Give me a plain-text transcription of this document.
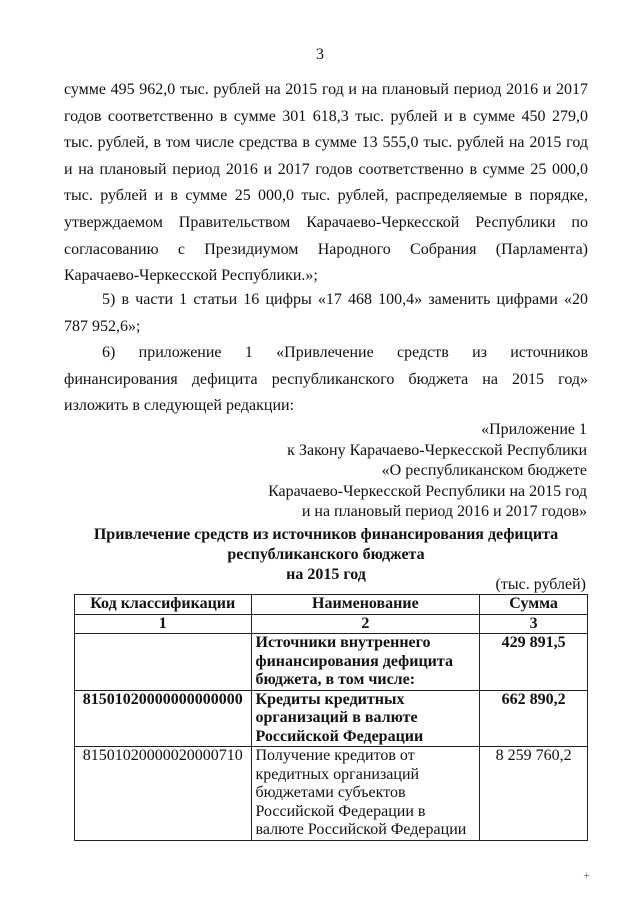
3

сумме 495 962,0 тыс. рублей на 2015 год и на плановый период 2016 и 2017 годов соответственно в сумме 301 618,3 тыс. рублей и в сумме 450 279,0 тыс. рублей, в том числе средства в сумме 13 555,0 тыс. рублей на 2015 год и на плановый период 2016 и 2017 годов соответственно в сумме 25 000,0 тыс. рублей и в сумме 25 000,0 тыс. рублей, распределяемые в порядке, утверждаемом Правительством Карачаево-Черкесской Республики по согласованию с Президиумом Народного Собрания (Парламента) Карачаево-Черкесской Республики.»;

5) в части 1 статьи 16 цифры «17 468 100,4» заменить цифрами «20 787 952,6»;

6) приложение 1 «Привлечение средств из источников финансирования дефицита республиканского бюджета на 2015 год» изложить в следующей редакции:

«Приложение 1
к Закону Карачаево-Черкесской Республики
«О республиканском бюджете
Карачаево-Черкесской Республики на 2015 год
и на плановый период 2016 и 2017 годов»
Привлечение средств из источников финансирования дефицита
республиканского бюджета
на 2015 год
(тыс. рублей)
Код классификации	Наименование	Сумма
1	2	3
	Источники внутреннего финансирования дефицита бюджета, в том числе:	429 891,5
81501020000000000000	Кредиты кредитных организаций в валюте Российской Федерации	662 890,2
81501020000020000710	Получение кредитов от кредитных организаций бюджетами субъектов Российской Федерации в валюте Российской Федерации	8 259 760,2
+
